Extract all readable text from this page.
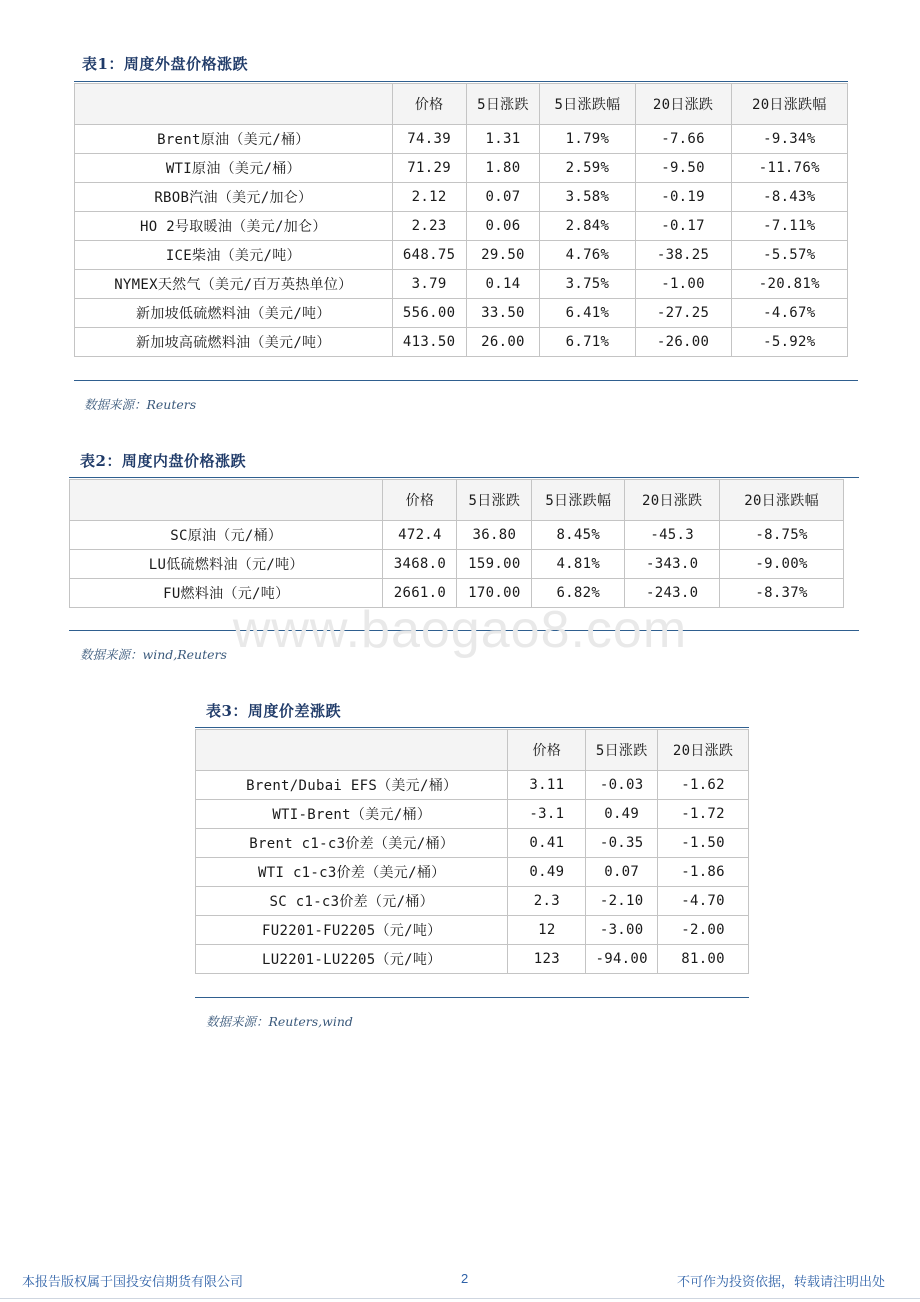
表1：周度外盘价格涨跌
	价格	5日涨跌	5日涨跌幅	20日涨跌	20日涨跌幅
Brent原油（美元/桶）	74.39	1.31	1.79%	-7.66	-9.34%
WTI原油（美元/桶）	71.29	1.80	2.59%	-9.50	-11.76%
RBOB汽油（美元/加仑）	2.12	0.07	3.58%	-0.19	-8.43%
HO 2号取暖油（美元/加仑）	2.23	0.06	2.84%	-0.17	-7.11%
ICE柴油（美元/吨）	648.75	29.50	4.76%	-38.25	-5.57%
NYMEX天然气（美元/百万英热单位）	3.79	0.14	3.75%	-1.00	-20.81%
新加坡低硫燃料油（美元/吨）	556.00	33.50	6.41%	-27.25	-4.67%
新加坡高硫燃料油（美元/吨）	413.50	26.00	6.71%	-26.00	-5.92%
数据来源：Reuters
表2：周度内盘价格涨跌
	价格	5日涨跌	5日涨跌幅	20日涨跌	20日涨跌幅
SC原油（元/桶）	472.4	36.80	8.45%	-45.3	-8.75%
LU低硫燃料油（元/吨）	3468.0	159.00	4.81%	-343.0	-9.00%
FU燃料油（元/吨）	2661.0	170.00	6.82%	-243.0	-8.37%
数据来源：wind,Reuters www.baogao8.com
表3：周度价差涨跌
	价格	5日涨跌	20日涨跌
Brent/Dubai EFS（美元/桶）	3.11	-0.03	-1.62
WTI-Brent（美元/桶）	-3.1	0.49	-1.72
Brent c1-c3价差（美元/桶）	0.41	-0.35	-1.50
WTI c1-c3价差（美元/桶）	0.49	0.07	-1.86
SC c1-c3价差（元/桶）	2.3	-2.10	-4.70
FU2201-FU2205（元/吨）	12	-3.00	-2.00
LU2201-LU2205（元/吨）	123	-94.00	81.00
数据来源：Reuters,wind
本报告版权属于国投安信期货有限公司	2	不可作为投资依据，转载请注明出处
